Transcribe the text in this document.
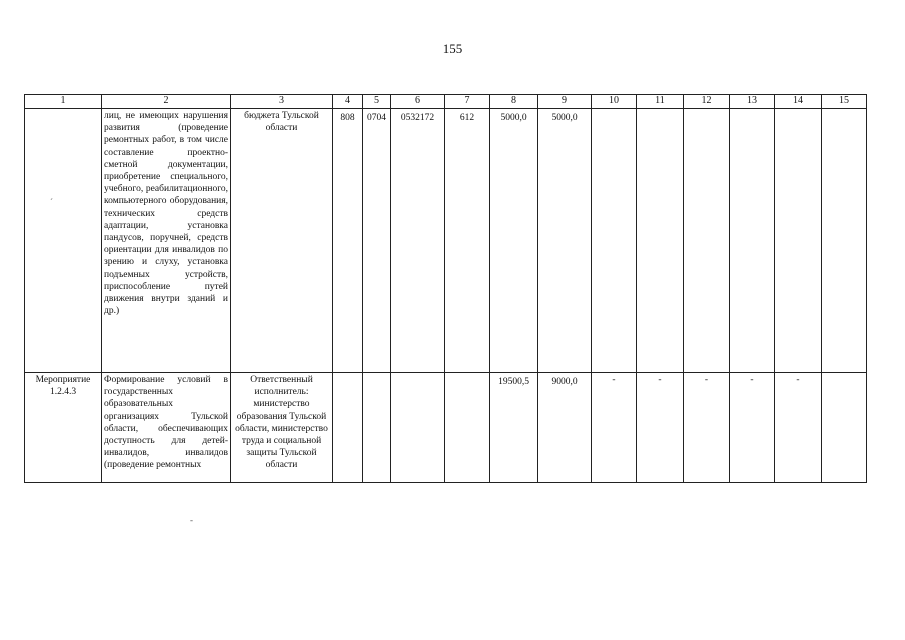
155
1	2	3	4	5	6	7	8	9	10	11	12	13	14	15
	лиц, не имеющих нарушения развития (проведение ремонтных работ, в том числе составление проектно-сметной документации, приобретение специального, учебного, реабилитационного, компьютерного оборудования, технических средств адаптации, установка пандусов, поручней, средств ориентации для инвалидов по зрению и слуху, установка подъемных устройств, приспособление путей движения внутри зданий и др.)	бюджета Тульской области	808	0704	0532172	612	5000,0	5000,0						
Мероприятие 1.2.4.3	Формирование условий в государственных образовательных организациях Тульской области, обеспечивающих доступность для детей-инвалидов, инвалидов (проведение ремонтных	Ответственный исполнитель: министерство образования Тульской области, министерство труда и социальной защиты Тульской области					19500,5	9000,0	-	-	-	-	-	
´
-
